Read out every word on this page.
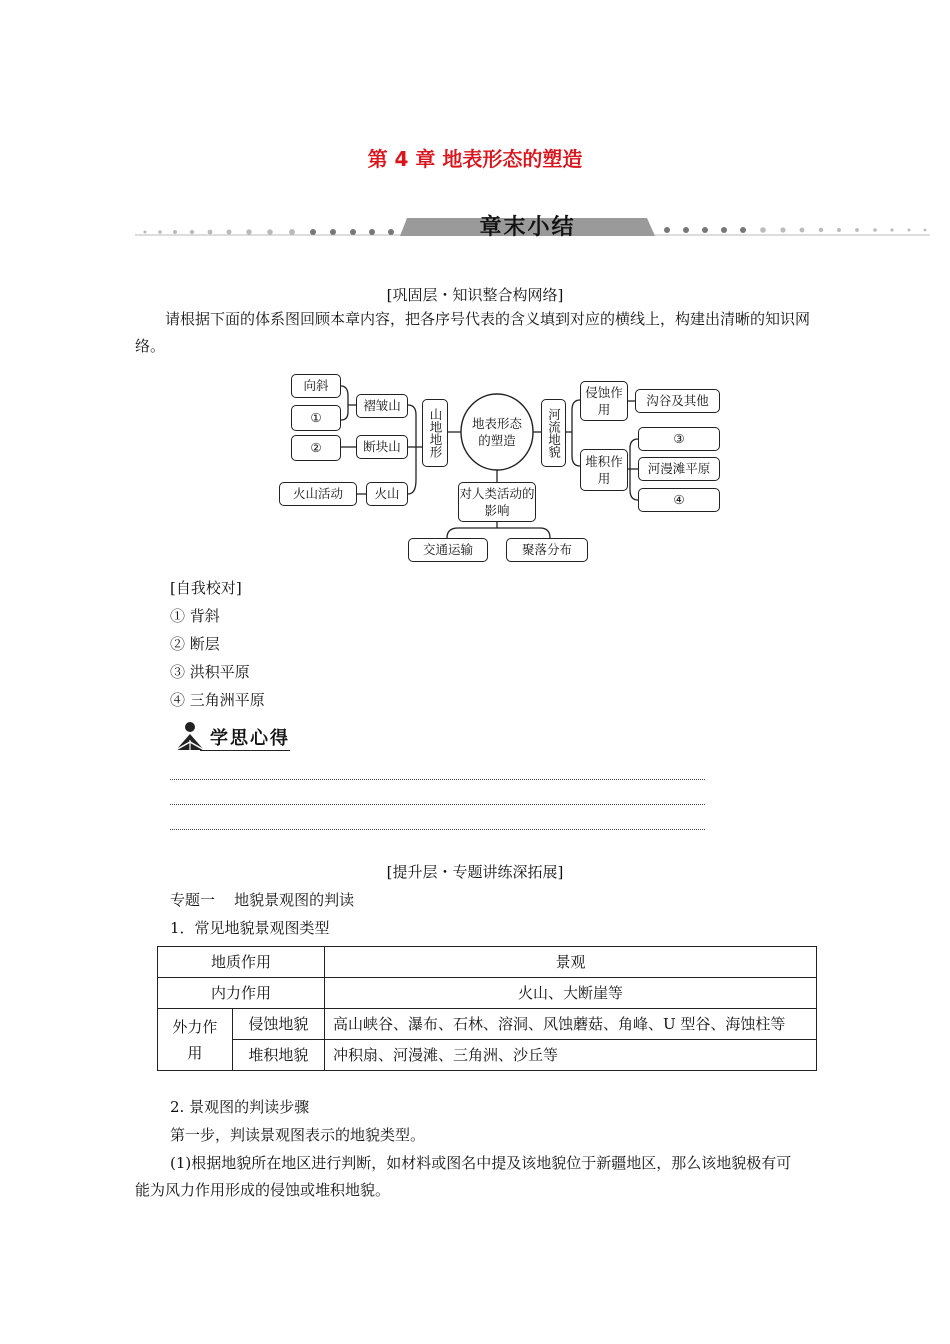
第 4 章 地表形态的塑造
章末小结
[巩固层・知识整合构网络]
请根据下面的体系图回顾本章内容，把各序号代表的含义填到对应的横线上，构建出清晰的知识网络。
地表形态的塑造
向斜
①
褶皱山
②	断块山
火山活动	火山
山地地形	河流地貌
侵蚀作用
沟谷及其他
堆积作用
③
河漫滩平原
④
对人类活动的影响
交通运输	聚落分布
[自我校对]
① 背斜
② 断层
③ 洪积平原
④ 三角洲平原
学思心得
[提升层・专题讲练深拓展]
专题一    地貌景观图的判读
1．常见地貌景观图类型
地质作用		景观
内力作用		火山、大断崖等
外力作用	侵蚀地貌	高山峡谷、瀑布、石林、溶洞、风蚀蘑菇、角峰、U 型谷、海蚀柱等
	堆积地貌	冲积扇、河漫滩、三角洲、沙丘等
2. 景观图的判读步骤
第一步，判读景观图表示的地貌类型。
(1)根据地貌所在地区进行判断，如材料或图名中提及该地貌位于新疆地区，那么该地貌极有可能为风力作用形成的侵蚀或堆积地貌。
